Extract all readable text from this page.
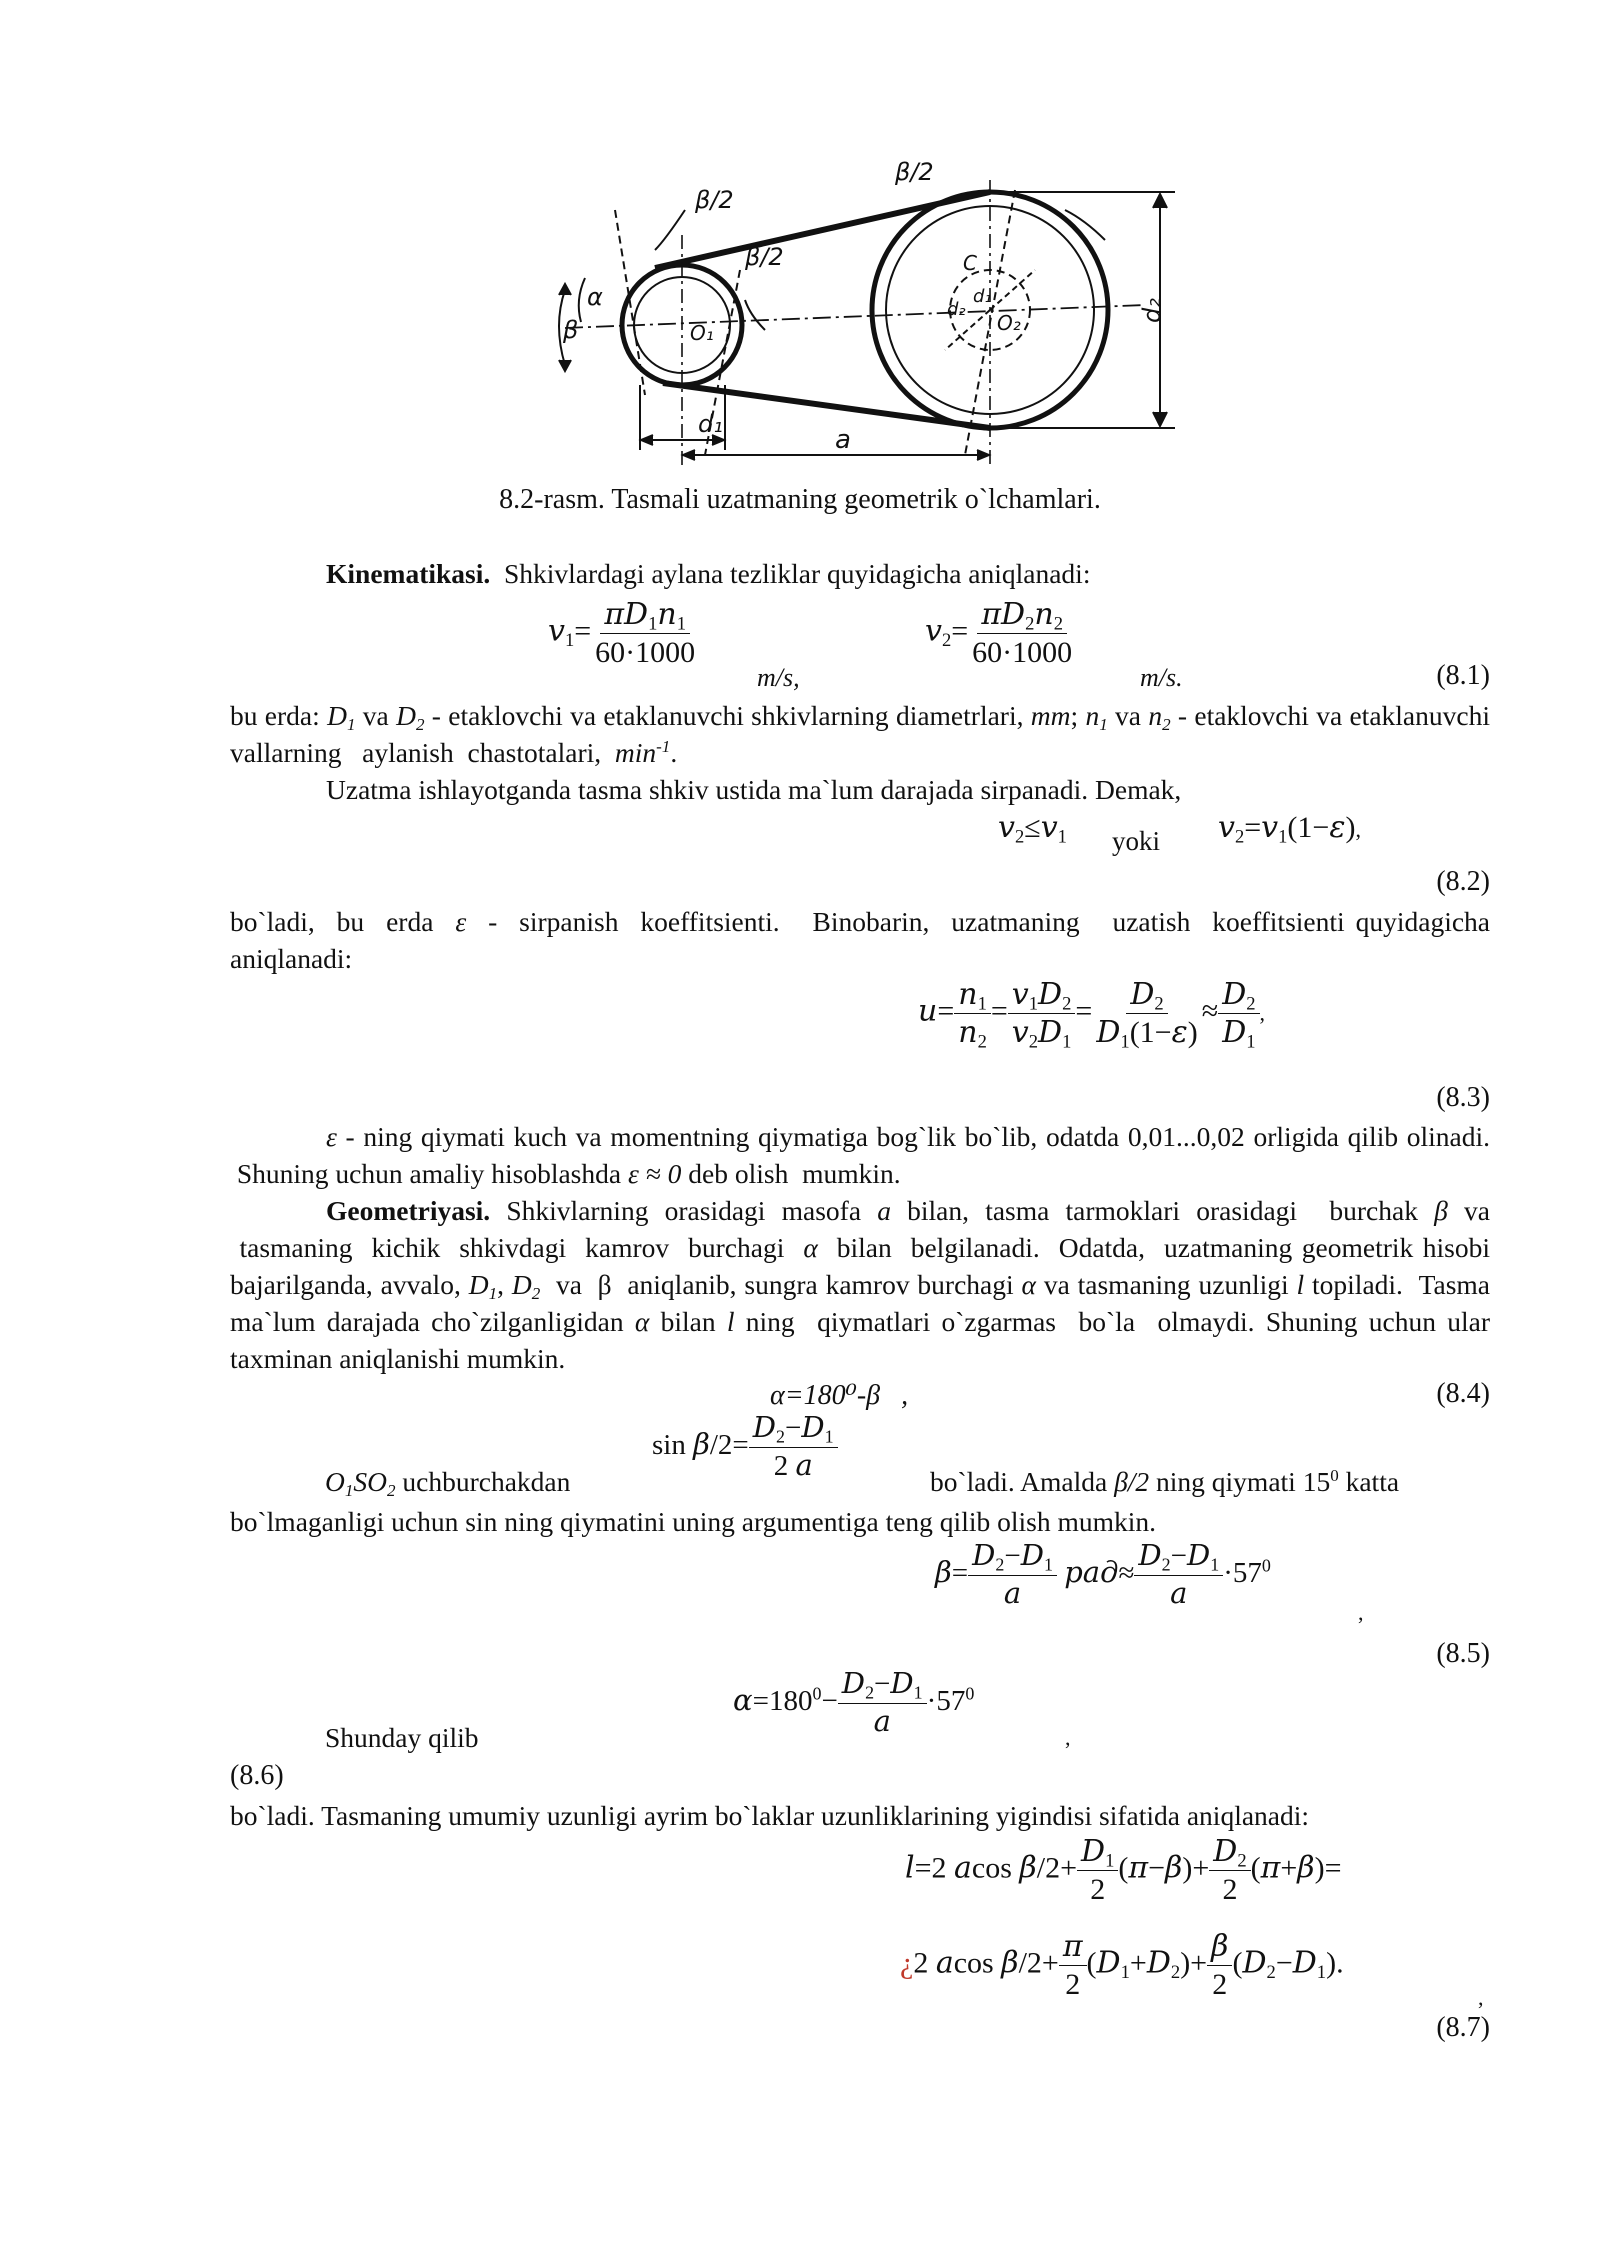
β/2
β/2
β/2
α
β	O₁	O₂
C
d₁
d₂
d₁
a
d₂
8.2-rasm. Tasmali uzatmaning geometrik o`lchamlari.
Kinematikasi. Shkivlardagi aylana tezliklar quyidagicha aniqlanadi:
$v_1= \frac{\pi D_1n_1}{60\cdot 1000}$
m/s,
$v_2= \frac{\pi D_2n_2}{60\cdot 1000}$
m/s.	(8.1)
bu erda: $D_1$ va $D_2$ - etaklovchi va etaklanuvchi shkivlarning diametrlari, mm; $n_1$ va $n_2$ - etaklovchi va etaklanuvchi vallarning   aylanish  chastotalari,  $\min^{-1}$.
Uzatma ishlayotganda tasma shkiv ustida ma`lum darajada sirpanadi. Demak,
$v_2\le v_1$ yoki $v_2=v_1(1-\varepsilon)$,
(8.2)
bo`ladi,  bu  erda  ε  -  sirpanish  koeffitsienti.   Binobarin,  uzatmaning   uzatish  koeffitsienti quyidagicha aniqlanadi:
$u= \frac{n_1}{n_2} = \frac{v_1D_2}{v_2D_1} = \frac{D_2}{D_1(1-\varepsilon)} \approx \frac{D_2}{D_1}$ ,
(8.3)
ε - ning qiymati kuch va momentning qiymatiga bog`lik bo`lib, odatda 0,01...0,02 orligida qilib olinadi.  Shuning uchun amaliy hisoblashda ε ≈ 0 deb olish  mumkin.
Geometriyasi. Shkivlarning orasidagi masofa a bilan, tasma tarmoklari orasidagi  burchak β va  tasmaning  kichik  shkivdagi  kamrov  burchagi  α  bilan  belgilanadi.  Odatda,  uzatmaning geometrik hisobi bajarilganda, avvalo, $D_1$, $D_2$  va  β  aniqlanib, sungra kamrov burchagi α va tasmaning uzunligi l topiladi.  Tasma ma`lum darajada cho`zilganligidan α bilan l ning  qiymatlari o`zgarmas  bo`la  olmaydi. Shuning uchun ular taxminan aniqlanishi mumkin.
α=180⁰-β ,	(8.4)
$\sin \beta/2= \frac{D_2-D_1}{2 a}$
$O_1SO_2$ uchburchakdan	bo`ladi. Amalda β/2 ning qiymati $15^0$ katta
bo`lmaganligi uchun sin ning qiymatini uning argumentiga teng qilib olish mumkin.
$\beta= \frac{D_2-D_1}{a} рад\approx \frac{D_2-D_1}{a} \cdot 57^0$
,
(8.5)
$\alpha=180^0- \frac{D_2-D_1}{a} \cdot 57^0$
,
Shunday qilib
(8.6)
bo`ladi. Tasmaning umumiy uzunligi ayrim bo`laklar uzunliklarining yigindisi sifatida aniqlanadi:
l=2 acos $\beta/2+ \frac{D_1}{2} (\pi-\beta)+ \frac{D_2}{2} (\pi+\beta)=$
¿2 acos $\beta/2+ \frac{\pi}{2} (D_1+D_2)+ \frac{\beta}{2} (D_2-D_1)$.
,
(8.7)
